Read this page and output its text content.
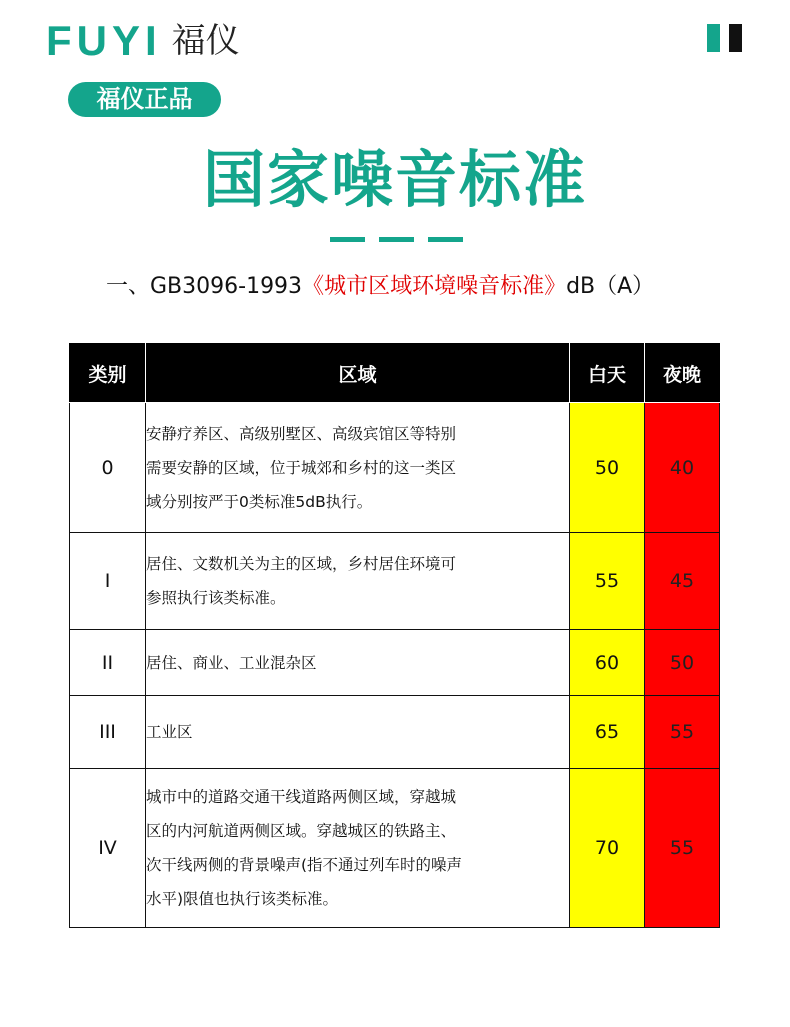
FUYI 福仪
福仪正品
国家噪音标准
一、GB3096-1993《城市区域环境噪音标准》dB（A）
类别	区域	白天	夜晚
0	安静疗养区、高级别墅区、高级宾馆区等特别
需要安静的区域，位于城郊和乡村的这一类区
域分别按严于0类标准5dB执行。	50	40
I	居住、文数机关为主的区域，乡村居住环境可
参照执行该类标准。	55	45
II	居住、商业、工业混杂区	60	50
III	工业区	65	55
IV	城市中的道路交通干线道路两侧区域，穿越城
区的内河航道两侧区域。穿越城区的铁路主、
次干线两侧的背景噪声(指不通过列车时的噪声
水平)限值也执行该类标准。	70	55
